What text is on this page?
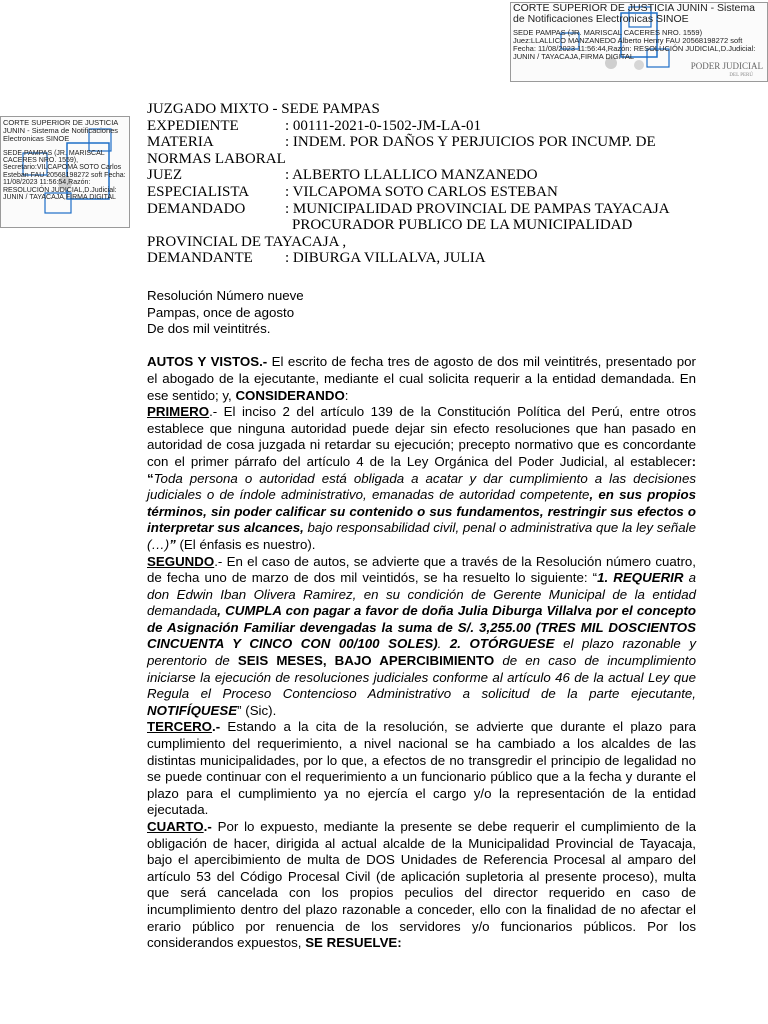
CORTE SUPERIOR DE JUSTICIA JUNIN - Sistema
de Notificaciones Electronicas SINOE
SEDE PAMPAS (JR. MARISCAL CACERES NRO. 1559)
Juez:LLALLICO MANZANEDO Alberto Henry FAU 20568198272 soft
Fecha: 11/08/2023 11:56:44,Razón: RESOLUCIÓN JUDICIAL,D.Judicial:
JUNIN / TAYACAJA,FIRMA DIGITAL
PODER JUDICIAL
DEL PERÚ
CORTE SUPERIOR DE JUSTICIA JUNIN - Sistema de Notificaciones Electronicas SINOE
SEDE PAMPAS (JR. MARISCAL CACERES NRO. 1559), Secretario:VILCAPOMA SOTO Carlos Esteban FAU 20568198272 soft Fecha: 11/08/2023 11:56:54,Razón: RESOLUCIÓN JUDICIAL,D.Judicial: JUNIN / TAYACAJA,FIRMA DIGITAL
JUZGADO MIXTO - SEDE PAMPAS
EXPEDIENTE	: 00111-2021-0-1502-JM-LA-01
MATERIA	: INDEM. POR DAÑOS Y PERJUICIOS POR INCUMP. DE
NORMAS LABORAL
JUEZ	: ALBERTO LLALLICO MANZANEDO
ESPECIALISTA	: VILCAPOMA SOTO CARLOS ESTEBAN
DEMANDADO	: MUNICIPALIDAD PROVINCIAL DE PAMPAS TAYACAJA
PROCURADOR PUBLICO DE LA MUNICIPALIDAD
PROVINCIAL DE TAYACAJA ,
DEMANDANTE	: DIBURGA VILLALVA, JULIA

Resolución Número nueve

Pampas, once de agosto

De dos mil veintitrés.

AUTOS Y VISTOS.- El escrito de fecha tres de agosto de dos mil veintitrés, presentado por el abogado de la ejecutante, mediante el cual solicita requerir a la entidad demandada. En ese sentido; y, CONSIDERANDO:

PRIMERO.- El inciso 2 del artículo 139 de la Constitución Política del Perú, entre otros establece que ninguna autoridad puede dejar sin efecto resoluciones que han pasado en autoridad de cosa juzgada ni retardar su ejecución; precepto normativo que es concordante con el primer párrafo del artículo 4 de la Ley Orgánica del Poder Judicial, al establecer: “Toda persona o autoridad está obligada a acatar y dar cumplimiento a las decisiones judiciales o de índole administrativo, emanadas de autoridad competente, en sus propios términos, sin poder calificar su contenido o sus fundamentos, restringir sus efectos o interpretar sus alcances, bajo responsabilidad civil, penal o administrativa que la ley señale (…)” (El énfasis es nuestro).

SEGUNDO.- En el caso de autos, se advierte que a través de la Resolución número cuatro, de fecha uno de marzo de dos mil veintidós, se ha resuelto lo siguiente: “1. REQUERIR a don Edwin Iban Olivera Ramirez, en su condición de Gerente Municipal de la entidad demandada, CUMPLA con pagar a favor de doña Julia Diburga Villalva por el concepto de Asignación Familiar devengadas la suma de S/. 3,255.00 (TRES MIL DOSCIENTOS CINCUENTA Y CINCO CON 00/100 SOLES). 2. OTÓRGUESE el plazo razonable y perentorio de SEIS MESES, BAJO APERCIBIMIENTO de en caso de incumplimiento iniciarse la ejecución de resoluciones judiciales conforme al artículo 46 de la actual Ley que Regula el Proceso Contencioso Administrativo a solicitud de la parte ejecutante, NOTIFÍQUESE” (Sic).

TERCERO.- Estando a la cita de la resolución, se advierte que durante el plazo para cumplimiento del requerimiento, a nivel nacional se ha cambiado a los alcaldes de las distintas municipalidades, por lo que, a efectos de no transgredir el principio de legalidad no se puede continuar con el requerimiento a un funcionario público que a la fecha y durante el plazo para el cumplimiento ya no ejercía el cargo y/o la representación de la entidad ejecutada.

CUARTO.- Por lo expuesto, mediante la presente se debe requerir el cumplimiento de la obligación de hacer, dirigida al actual alcalde de la Municipalidad Provincial de Tayacaja, bajo el apercibimiento de multa de DOS Unidades de Referencia Procesal al amparo del artículo 53 del Código Procesal Civil (de aplicación supletoria al presente proceso), multa que será cancelada con los propios peculios del director requerido en caso de incumplimiento dentro del plazo razonable a conceder, ello con la finalidad de no afectar el erario público por renuencia de los servidores y/o funcionarios públicos. Por los considerandos expuestos, SE RESUELVE:
